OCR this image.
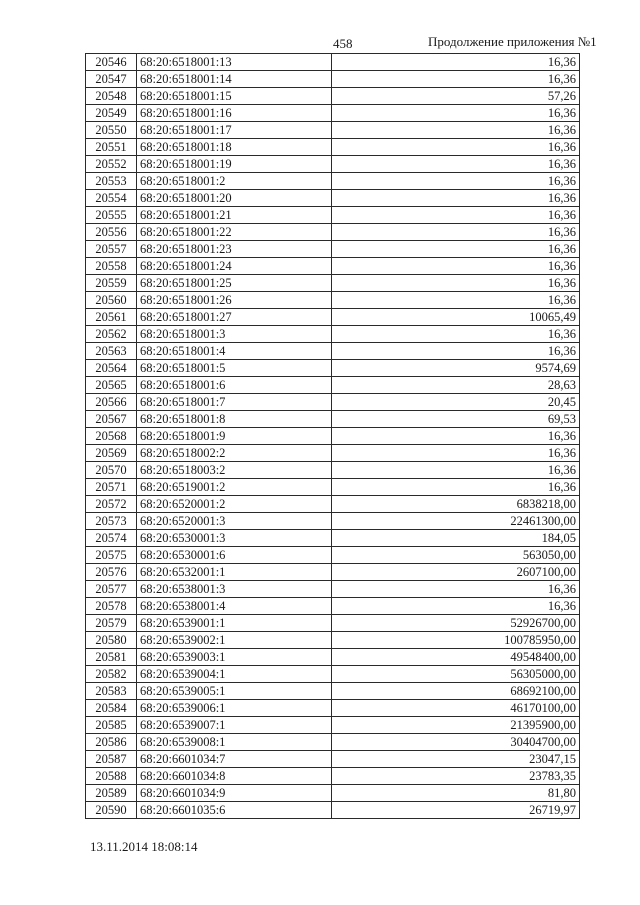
458	Продолжение приложения №1
20546	68:20:6518001:13	16,36
20547	68:20:6518001:14	16,36
20548	68:20:6518001:15	57,26
20549	68:20:6518001:16	16,36
20550	68:20:6518001:17	16,36
20551	68:20:6518001:18	16,36
20552	68:20:6518001:19	16,36
20553	68:20:6518001:2	16,36
20554	68:20:6518001:20	16,36
20555	68:20:6518001:21	16,36
20556	68:20:6518001:22	16,36
20557	68:20:6518001:23	16,36
20558	68:20:6518001:24	16,36
20559	68:20:6518001:25	16,36
20560	68:20:6518001:26	16,36
20561	68:20:6518001:27	10065,49
20562	68:20:6518001:3	16,36
20563	68:20:6518001:4	16,36
20564	68:20:6518001:5	9574,69
20565	68:20:6518001:6	28,63
20566	68:20:6518001:7	20,45
20567	68:20:6518001:8	69,53
20568	68:20:6518001:9	16,36
20569	68:20:6518002:2	16,36
20570	68:20:6518003:2	16,36
20571	68:20:6519001:2	16,36
20572	68:20:6520001:2	6838218,00
20573	68:20:6520001:3	22461300,00
20574	68:20:6530001:3	184,05
20575	68:20:6530001:6	563050,00
20576	68:20:6532001:1	2607100,00
20577	68:20:6538001:3	16,36
20578	68:20:6538001:4	16,36
20579	68:20:6539001:1	52926700,00
20580	68:20:6539002:1	100785950,00
20581	68:20:6539003:1	49548400,00
20582	68:20:6539004:1	56305000,00
20583	68:20:6539005:1	68692100,00
20584	68:20:6539006:1	46170100,00
20585	68:20:6539007:1	21395900,00
20586	68:20:6539008:1	30404700,00
20587	68:20:6601034:7	23047,15
20588	68:20:6601034:8	23783,35
20589	68:20:6601034:9	81,80
20590	68:20:6601035:6	26719,97
13.11.2014 18:08:14
